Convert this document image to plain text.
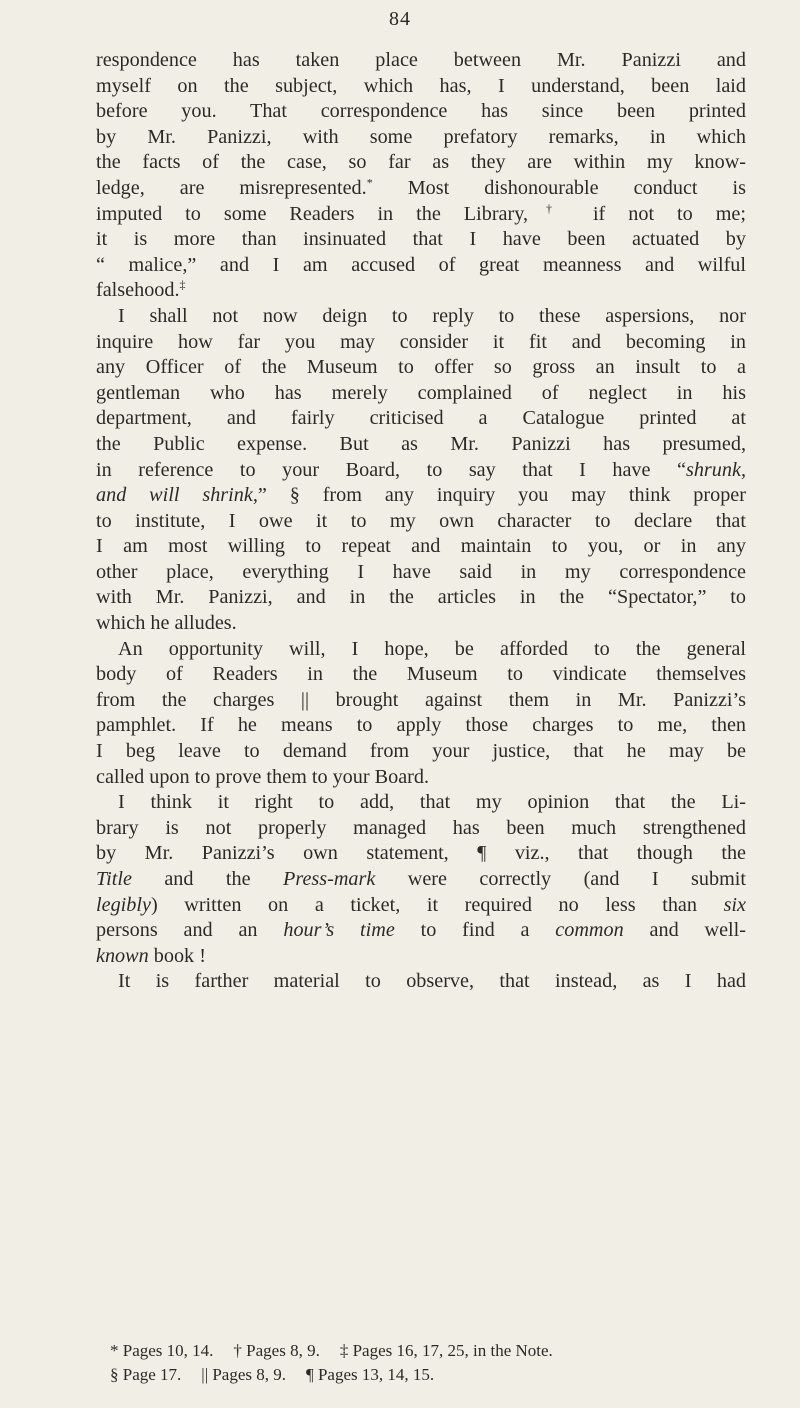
84
respondence has taken place between Mr. Panizzi and
myself on the subject, which has, I understand, been laid
before you. That correspondence has since been printed
by Mr. Panizzi, with some prefatory remarks, in which
the facts of the case, so far as they are within my know-
ledge, are misrepresented.* Most dishonourable conduct is
imputed to some Readers in the Library,† if not to me;
it is more than insinuated that I have been actuated by
“ malice,” and I am accused of great meanness and wilful
falsehood.‡
I shall not now deign to reply to these aspersions, nor
inquire how far you may consider it fit and becoming in
any Officer of the Museum to offer so gross an insult to a
gentleman who has merely complained of neglect in his
department, and fairly criticised a Catalogue printed at
the Public expense. But as Mr. Panizzi has presumed,
in reference to your Board, to say that I have “shrunk,
and will shrink,” § from any inquiry you may think proper
to institute, I owe it to my own character to declare that
I am most willing to repeat and maintain to you, or in any
other place, everything I have said in my correspondence
with Mr. Panizzi, and in the articles in the “Spectator,” to
which he alludes.
An opportunity will, I hope, be afforded to the general
body of Readers in the Museum to vindicate themselves
from the charges || brought against them in Mr. Panizzi’s
pamphlet. If he means to apply those charges to me, then
I beg leave to demand from your justice, that he may be
called upon to prove them to your Board.
I think it right to add, that my opinion that the Li-
brary is not properly managed has been much strengthened
by Mr. Panizzi’s own statement, ¶ viz., that though the
Title and the Press-mark were correctly (and I submit
legibly) written on a ticket, it required no less than six
persons and an hour’s time to find a common and well-
known book !
It is farther material to observe, that instead, as I had
* Pages 10, 14. † Pages 8, 9. ‡ Pages 16, 17, 25, in the Note.
§ Page 17. || Pages 8, 9. ¶ Pages 13, 14, 15.
